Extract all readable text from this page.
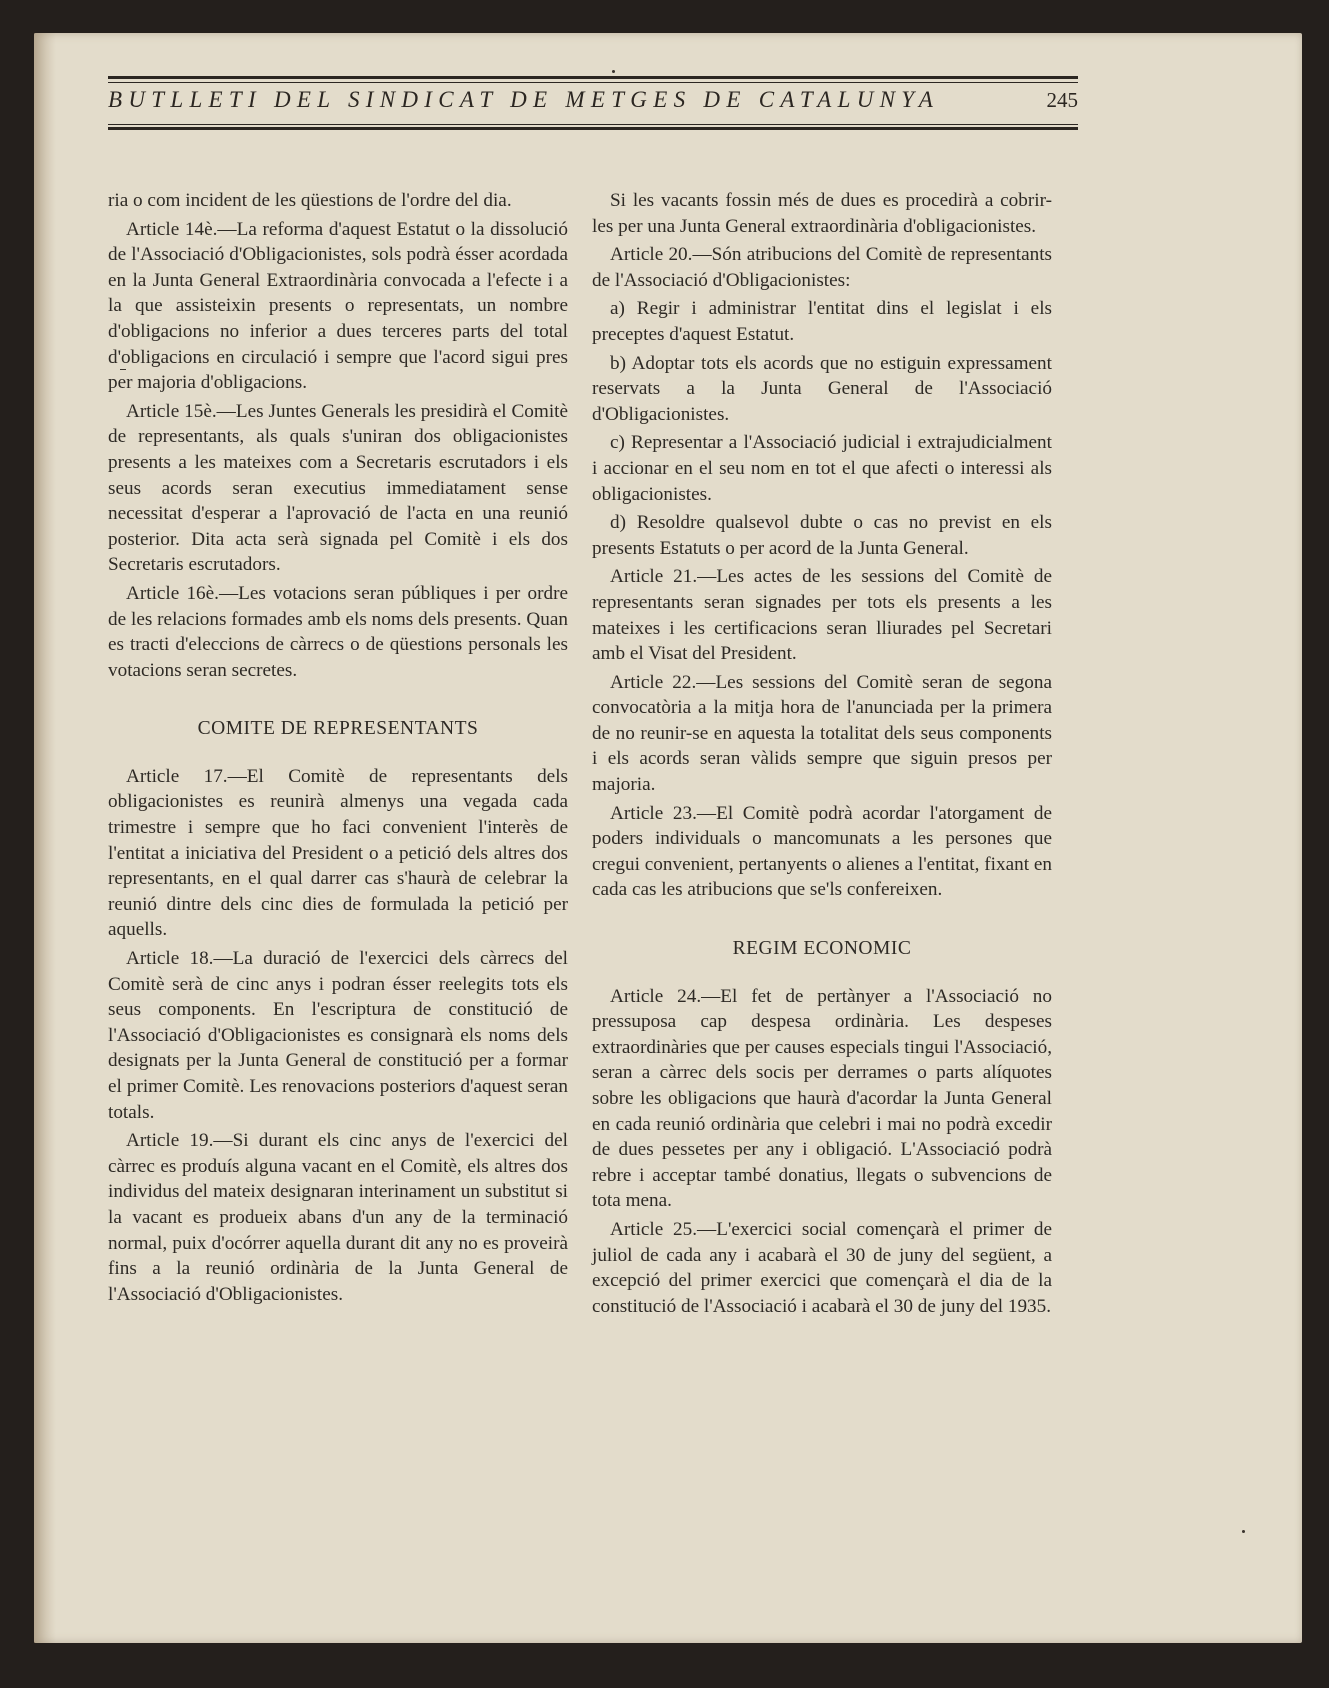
BUTLLETI DEL SINDICAT DE METGES DE CATALUNYA	245

ria o com incident de les qüestions de l'ordre del dia.

Article 14è.—La reforma d'aquest Estatut o la dissolució de l'Associació d'Obligacionistes, sols podrà ésser acordada en la Junta General Extraordinària convocada a l'efecte i a la que assisteixin presents o representats, un nombre d'obligacions no inferior a dues terceres parts del total d'obligacions en circulació i sempre que l'acord sigui pres per majoria d'obligacions.

Article 15è.—Les Juntes Generals les presidirà el Comitè de representants, als quals s'uniran dos obligacionistes presents a les mateixes com a Secretaris escrutadors i els seus acords seran executius immediatament sense necessitat d'esperar a l'aprovació de l'acta en una reunió posterior. Dita acta serà signada pel Comitè i els dos Secretaris escrutadors.

Article 16è.—Les votacions seran públiques i per ordre de les relacions formades amb els noms dels presents. Quan es tracti d'eleccions de càrrecs o de qüestions personals les votacions seran secretes.

COMITE DE REPRESENTANTS

Article 17.—El Comitè de representants dels obligacionistes es reunirà almenys una vegada cada trimestre i sempre que ho faci convenient l'interès de l'entitat a iniciativa del President o a petició dels altres dos representants, en el qual darrer cas s'haurà de celebrar la reunió dintre dels cinc dies de formulada la petició per aquells.

Article 18.—La duració de l'exercici dels càrrecs del Comitè serà de cinc anys i podran ésser reelegits tots els seus components. En l'escriptura de constitució de l'Associació d'Obligacionistes es consignarà els noms dels designats per la Junta General de constitució per a formar el primer Comitè. Les renovacions posteriors d'aquest seran totals.

Article 19.—Si durant els cinc anys de l'exercici del càrrec es produís alguna vacant en el Comitè, els altres dos individus del mateix designaran interinament un substitut si la vacant es produeix abans d'un any de la terminació normal, puix d'ocórrer aquella durant dit any no es proveirà fins a la reunió ordinària de la Junta General de l'Associació d'Obligacionistes.

Si les vacants fossin més de dues es procedirà a cobrir-les per una Junta General extraordinària d'obligacionistes.

Article 20.—Són atribucions del Comitè de representants de l'Associació d'Obligacionistes:

a) Regir i administrar l'entitat dins el legislat i els preceptes d'aquest Estatut.

b) Adoptar tots els acords que no estiguin expressament reservats a la Junta General de l'Associació d'Obligacionistes.

c) Representar a l'Associació judicial i extrajudicialment i accionar en el seu nom en tot el que afecti o interessi als obligacionistes.

d) Resoldre qualsevol dubte o cas no previst en els presents Estatuts o per acord de la Junta General.

Article 21.—Les actes de les sessions del Comitè de representants seran signades per tots els presents a les mateixes i les certificacions seran lliurades pel Secretari amb el Visat del President.

Article 22.—Les sessions del Comitè seran de segona convocatòria a la mitja hora de l'anunciada per la primera de no reunir-se en aquesta la totalitat dels seus components i els acords seran vàlids sempre que siguin presos per majoria.

Article 23.—El Comitè podrà acordar l'atorgament de poders individuals o mancomunats a les persones que cregui convenient, pertanyents o alienes a l'entitat, fixant en cada cas les atribucions que se'ls confereixen.

REGIM ECONOMIC

Article 24.—El fet de pertànyer a l'Associació no pressuposa cap despesa ordinària. Les despeses extraordinàries que per causes especials tingui l'Associació, seran a càrrec dels socis per derrames o parts alíquotes sobre les obligacions que haurà d'acordar la Junta General en cada reunió ordinària que celebri i mai no podrà excedir de dues pessetes per any i obligació. L'Associació podrà rebre i acceptar també donatius, llegats o subvencions de tota mena.

Article 25.—L'exercici social començarà el primer de juliol de cada any i acabarà el 30 de juny del següent, a excepció del primer exercici que començarà el dia de la constitució de l'Associació i acabarà el 30 de juny del 1935.
